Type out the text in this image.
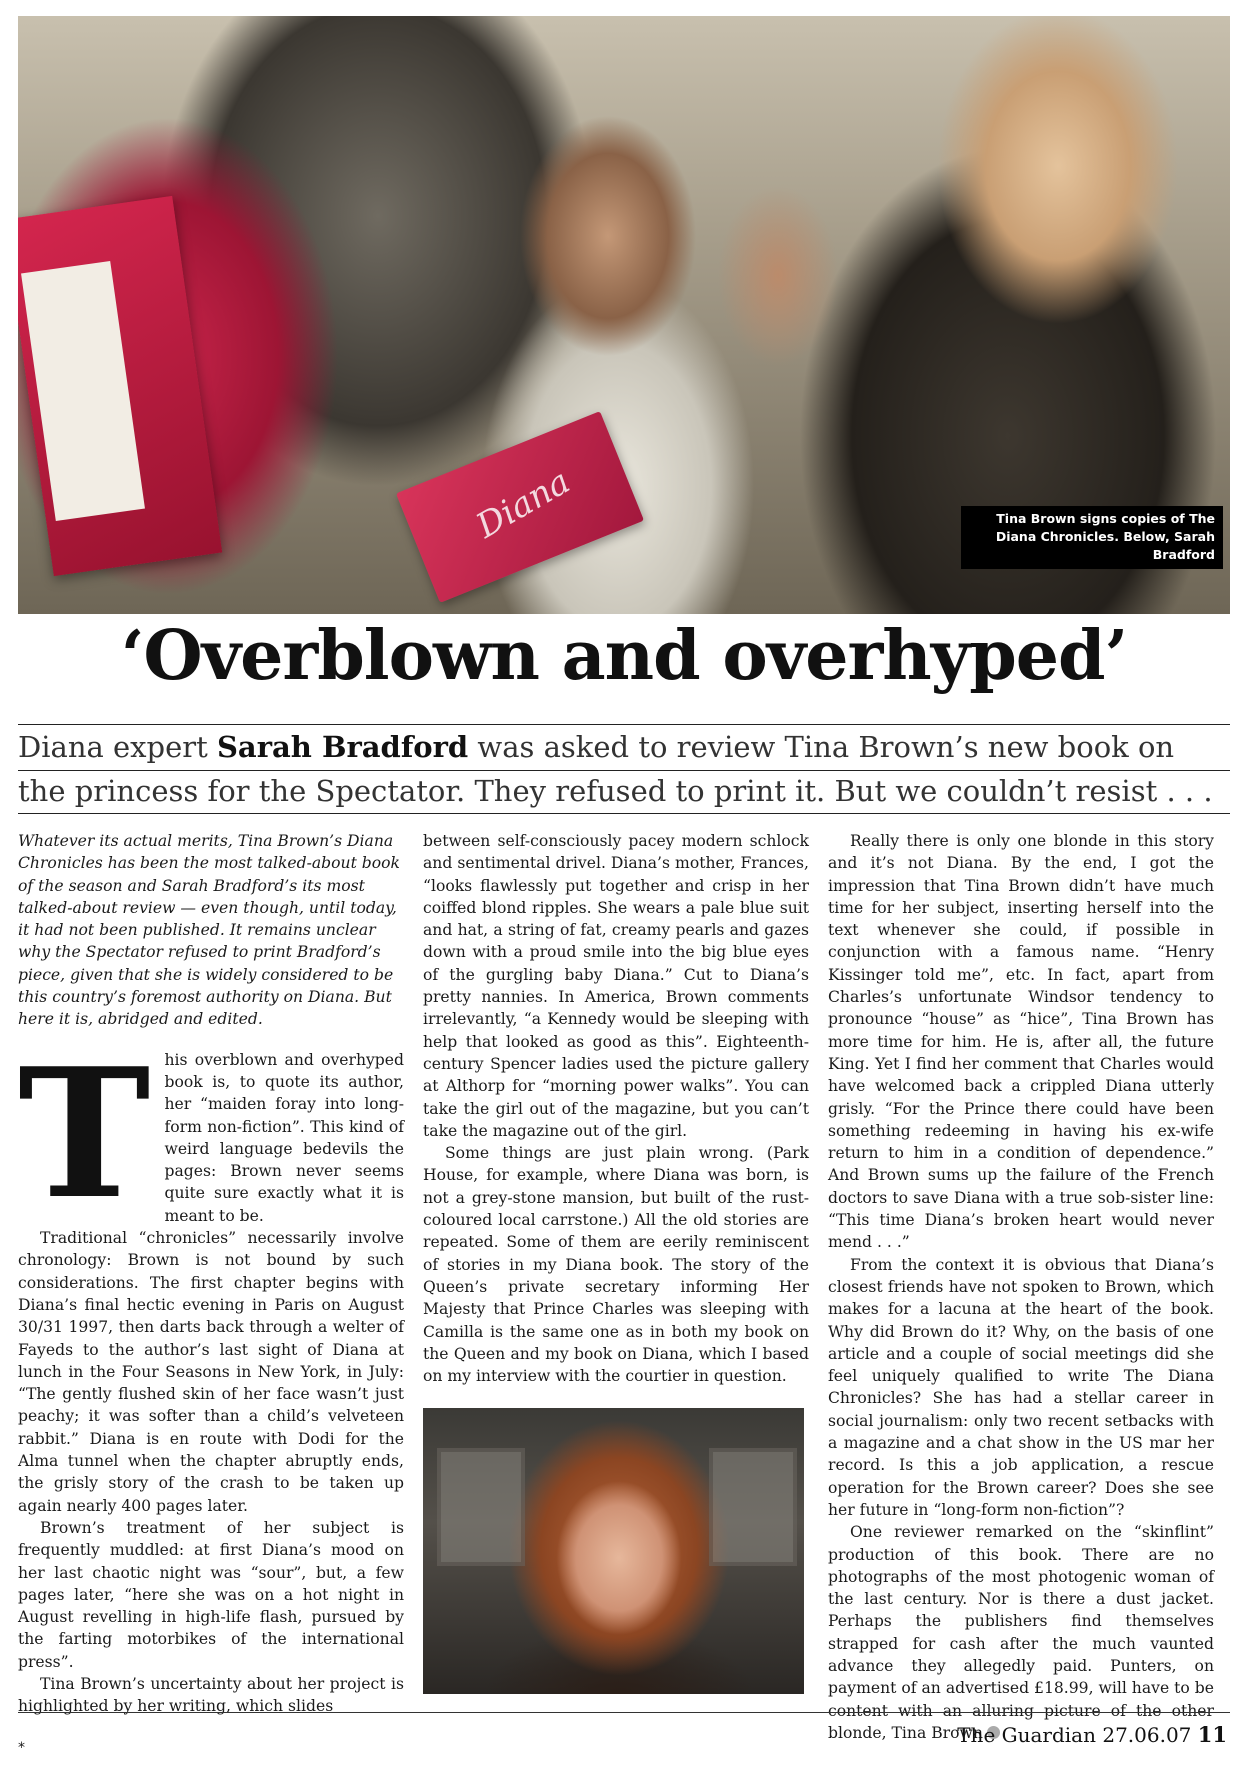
Diana	Tina Brown signs copies of The Diana Chronicles. Below, Sarah Bradford
‘Overblown and overhyped’

Diana expert Sarah Bradford was asked to review Tina Brown’s new book on
the princess for the Spectator. They refused to print it. But we couldn’t resist . . .

Whatever its actual merits, Tina Brown’s Diana Chronicles has been the most talked-about book of the season and Sarah Bradford’s its most talked-about review — even though, until today, it had not been published. It remains unclear why the Spectator refused to print Bradford’s piece, given that she is widely considered to be this country’s foremost authority on Diana. But here it is, abridged and edited.

T his overblown and overhyped book is, to quote its author, her “maiden foray into long-form non-fiction”. This kind of weird language bedevils the pages: Brown never seems quite sure exactly what it is meant to be.

Traditional “chronicles” necessarily involve chronology: Brown is not bound by such considerations. The first chapter begins with Diana’s final hectic evening in Paris on August 30/31 1997, then darts back through a welter of Fayeds to the author’s last sight of Diana at lunch in the Four Seasons in New York, in July: “The gently flushed skin of her face wasn’t just peachy; it was softer than a child’s velveteen rabbit.” Diana is en route with Dodi for the Alma tunnel when the chapter abruptly ends, the grisly story of the crash to be taken up again nearly 400 pages later.

Brown’s treatment of her subject is frequently muddled: at first Diana’s mood on her last chaotic night was “sour”, but, a few pages later, “here she was on a hot night in August revelling in high-life flash, pursued by the farting motorbikes of the international press”.

Tina Brown’s uncertainty about her project is highlighted by her writing, which slides

between self-consciously pacey modern schlock and sentimental drivel. Diana’s mother, Frances, “looks flawlessly put together and crisp in her coiffed blond ripples. She wears a pale blue suit and hat, a string of fat, creamy pearls and gazes down with a proud smile into the big blue eyes of the gurgling baby Diana.” Cut to Diana’s pretty nannies. In America, Brown comments irrelevantly, “a Kennedy would be sleeping with help that looked as good as this”. Eighteenth-century Spencer ladies used the picture gallery at Althorp for “morning power walks”. You can take the girl out of the magazine, but you can’t take the magazine out of the girl.

Some things are just plain wrong. (Park House, for example, where Diana was born, is not a grey-stone mansion, but built of the rust-coloured local carrstone.) All the old stories are repeated. Some of them are eerily reminiscent of stories in my Diana book. The story of the Queen’s private secretary informing Her Majesty that Prince Charles was sleeping with Camilla is the same one as in both my book on the Queen and my book on Diana, which I based on my interview with the courtier in question.

Really there is only one blonde in this story and it’s not Diana. By the end, I got the impression that Tina Brown didn’t have much time for her subject, inserting herself into the text whenever she could, if possible in conjunction with a famous name. “Henry Kissinger told me”, etc. In fact, apart from Charles’s unfortunate Windsor tendency to pronounce “house” as “hice”, Tina Brown has more time for him. He is, after all, the future King. Yet I find her comment that Charles would have welcomed back a crippled Diana utterly grisly. “For the Prince there could have been something redeeming in having his ex-wife return to him in a condition of dependence.” And Brown sums up the failure of the French doctors to save Diana with a true sob-sister line: “This time Diana’s broken heart would never mend . . .”

From the context it is obvious that Diana’s closest friends have not spoken to Brown, which makes for a lacuna at the heart of the book. Why did Brown do it? Why, on the basis of one article and a couple of social meetings did she feel uniquely qualified to write The Diana Chronicles? She has had a stellar career in social journalism: only two recent setbacks with a magazine and a chat show in the US mar her record. Is this a job application, a rescue operation for the Brown career? Does she see her future in “long-form non-fiction”?

One reviewer remarked on the “skinflint” production of this book. There are no photographs of the most photogenic woman of the last century. Nor is there a dust jacket. Perhaps the publishers find themselves strapped for cash after the much vaunted advance they allegedly paid. Punters, on payment of an advertised £18.99, will have to be content with an alluring picture of the other blonde, Tina Brown

*
The Guardian 27.06.07 11
